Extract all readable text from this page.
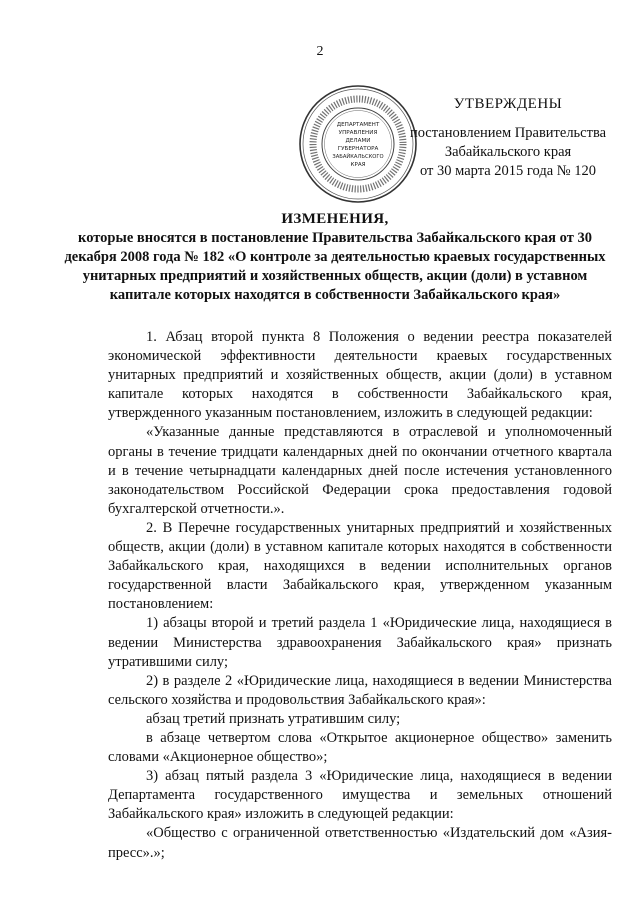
2
ДЕПАРТАМЕНТ
УПРАВЛЕНИЯ
ДЕЛАМИ
ГУБЕРНАТОРА
ЗАБАЙКАЛЬСКОГО
КРАЯ
УТВЕРЖДЕНЫ
постановлением Правительства
Забайкальского края
от 30 марта 2015 года № 120
ИЗМЕНЕНИЯ,
которые вносятся в постановление Правительства Забайкальского края от 30 декабря 2008 года № 182 «О контроле за деятельностью краевых государственных унитарных предприятий и хозяйственных обществ, акции (доли) в уставном капитале которых находятся в собственности Забайкальского края»

1. Абзац второй пункта 8 Положения о ведении реестра показателей экономической эффективности деятельности краевых государственных унитарных предприятий и хозяйственных обществ, акции (доли) в уставном капитале которых находятся в собственности Забайкальского края, утвержденного указанным постановлением, изложить в следующей редакции:

«Указанные данные представляются в отраслевой и уполномоченный органы в течение тридцати календарных дней по окончании отчетного квартала и в течение четырнадцати календарных дней после истечения установленного законодательством Российской Федерации срока предоставления годовой бухгалтерской отчетности.».

2. В Перечне государственных унитарных предприятий и хозяйственных обществ, акции (доли) в уставном капитале которых находятся в собственности Забайкальского края, находящихся в ведении исполнительных органов государственной власти Забайкальского края, утвержденном указанным постановлением:

1) абзацы второй и третий раздела 1 «Юридические лица, находящиеся в ведении Министерства здравоохранения Забайкальского края» признать утратившими силу;

2) в разделе 2 «Юридические лица, находящиеся в ведении Министерства сельского хозяйства и продовольствия Забайкальского края»:

абзац третий признать утратившим силу;

в абзаце четвертом слова «Открытое акционерное общество» заменить словами «Акционерное общество»;

3) абзац пятый раздела 3 «Юридические лица, находящиеся в ведении Департамента государственного имущества и земельных отношений Забайкальского края» изложить в следующей редакции:

«Общество с ограниченной ответственностью «Издательский дом «Азия-пресс».»;
